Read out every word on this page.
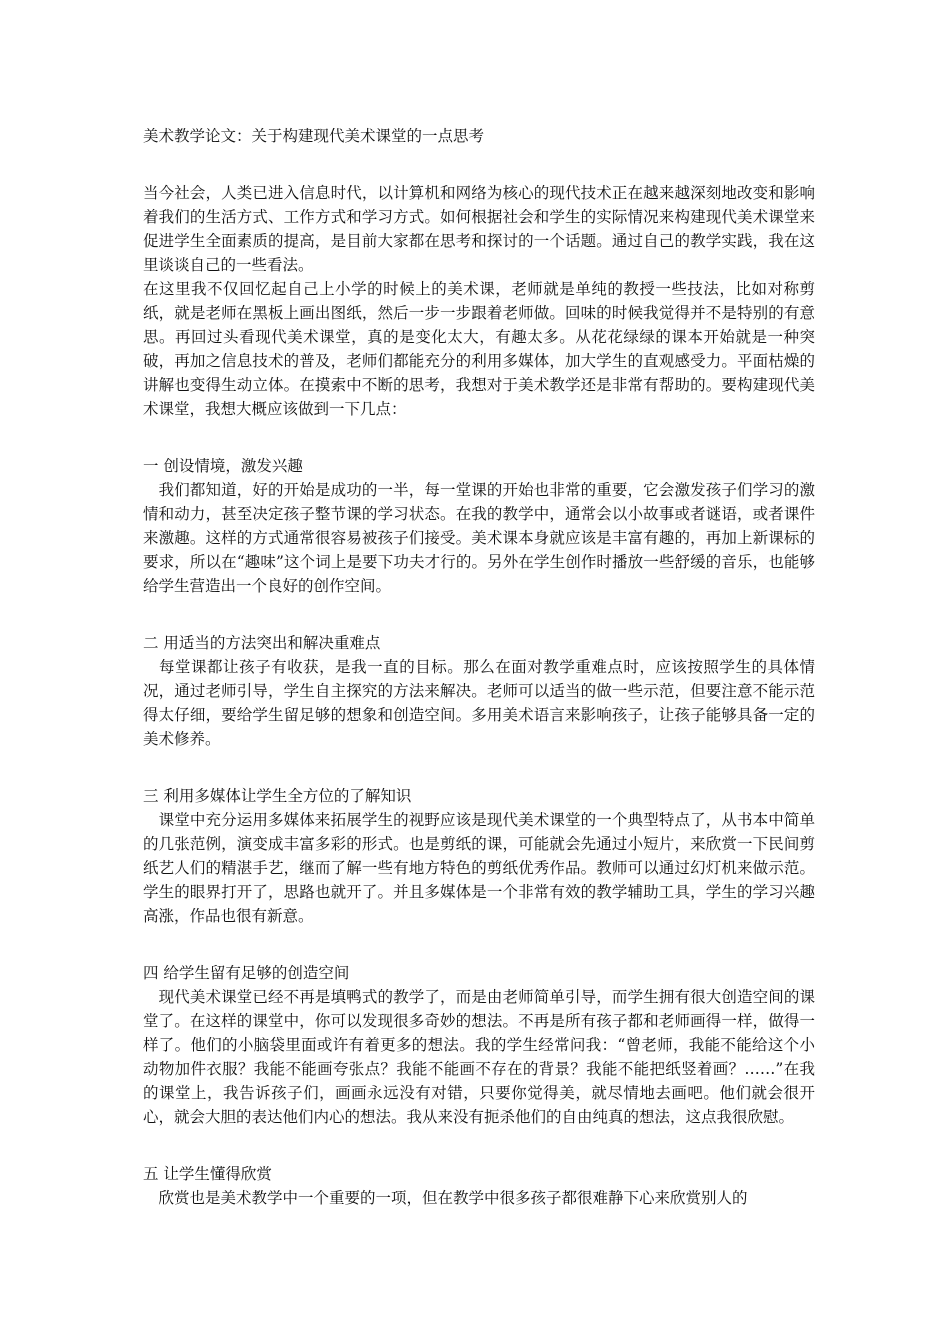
美术教学论文：关于构建现代美术课堂的一点思考

当今社会，人类已进入信息时代，以计算机和网络为核心的现代技术正在越来越深刻地改变和影响着我们的生活方式、工作方式和学习方式。如何根据社会和学生的实际情况来构建现代美术课堂来促进学生全面素质的提高，是目前大家都在思考和探讨的一个话题。通过自己的教学实践，我在这里谈谈自己的一些看法。

在这里我不仅回忆起自己上小学的时候上的美术课，老师就是单纯的教授一些技法，比如对称剪纸，就是老师在黑板上画出图纸，然后一步一步跟着老师做。回味的时候我觉得并不是特别的有意思。再回过头看现代美术课堂，真的是变化太大，有趣太多。从花花绿绿的课本开始就是一种突破，再加之信息技术的普及，老师们都能充分的利用多媒体，加大学生的直观感受力。平面枯燥的讲解也变得生动立体。在摸索中不断的思考，我想对于美术教学还是非常有帮助的。要构建现代美术课堂，我想大概应该做到一下几点：

一 创设情境，激发兴趣

　我们都知道，好的开始是成功的一半，每一堂课的开始也非常的重要，它会激发孩子们学习的激情和动力，甚至决定孩子整节课的学习状态。在我的教学中，通常会以小故事或者谜语，或者课件来激趣。这样的方式通常很容易被孩子们接受。美术课本身就应该是丰富有趣的，再加上新课标的要求，所以在“趣味”这个词上是要下功夫才行的。另外在学生创作时播放一些舒缓的音乐，也能够给学生营造出一个良好的创作空间。

二 用适当的方法突出和解决重难点

　每堂课都让孩子有收获，是我一直的目标。那么在面对教学重难点时，应该按照学生的具体情况，通过老师引导，学生自主探究的方法来解决。老师可以适当的做一些示范，但要注意不能示范得太仔细，要给学生留足够的想象和创造空间。多用美术语言来影响孩子，让孩子能够具备一定的美术修养。

三 利用多媒体让学生全方位的了解知识

　课堂中充分运用多媒体来拓展学生的视野应该是现代美术课堂的一个典型特点了，从书本中简单的几张范例，演变成丰富多彩的形式。也是剪纸的课，可能就会先通过小短片，来欣赏一下民间剪纸艺人们的精湛手艺，继而了解一些有地方特色的剪纸优秀作品。教师可以通过幻灯机来做示范。学生的眼界打开了，思路也就开了。并且多媒体是一个非常有效的教学辅助工具，学生的学习兴趣高涨，作品也很有新意。

四 给学生留有足够的创造空间

　现代美术课堂已经不再是填鸭式的教学了，而是由老师简单引导，而学生拥有很大创造空间的课堂了。在这样的课堂中，你可以发现很多奇妙的想法。不再是所有孩子都和老师画得一样，做得一样了。他们的小脑袋里面或许有着更多的想法。我的学生经常问我：“曾老师，我能不能给这个小动物加件衣服？我能不能画夸张点？我能不能画不存在的背景？我能不能把纸竖着画？……”在我的课堂上，我告诉孩子们，画画永远没有对错，只要你觉得美，就尽情地去画吧。他们就会很开心，就会大胆的表达他们内心的想法。我从来没有扼杀他们的自由纯真的想法，这点我很欣慰。

五 让学生懂得欣赏

　欣赏也是美术教学中一个重要的一项，但在教学中很多孩子都很难静下心来欣赏别人的
